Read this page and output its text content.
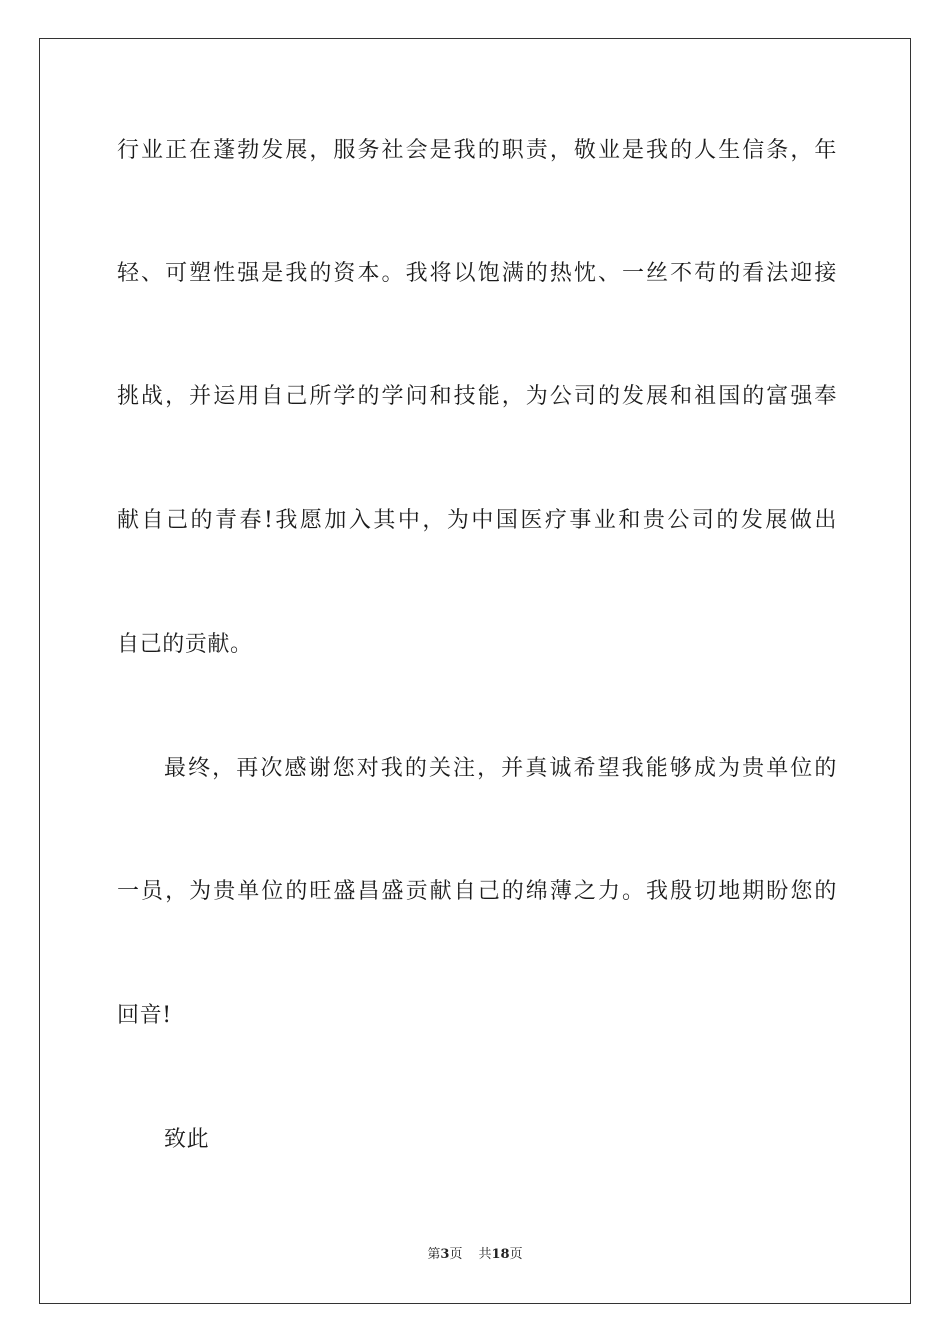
行业正在蓬勃发展，服务社会是我的职责，敬业是我的人生信条，年
轻、可塑性强是我的资本。我将以饱满的热忱、一丝不苟的看法迎接
挑战，并运用自己所学的学问和技能，为公司的发展和祖国的富强奉
献自己的青春!我愿加入其中，为中国医疗事业和贵公司的发展做出
自己的贡献。
最终，再次感谢您对我的关注，并真诚希望我能够成为贵单位的
一员，为贵单位的旺盛昌盛贡献自己的绵薄之力。我殷切地期盼您的
回音!
致此
第3页 共18页
